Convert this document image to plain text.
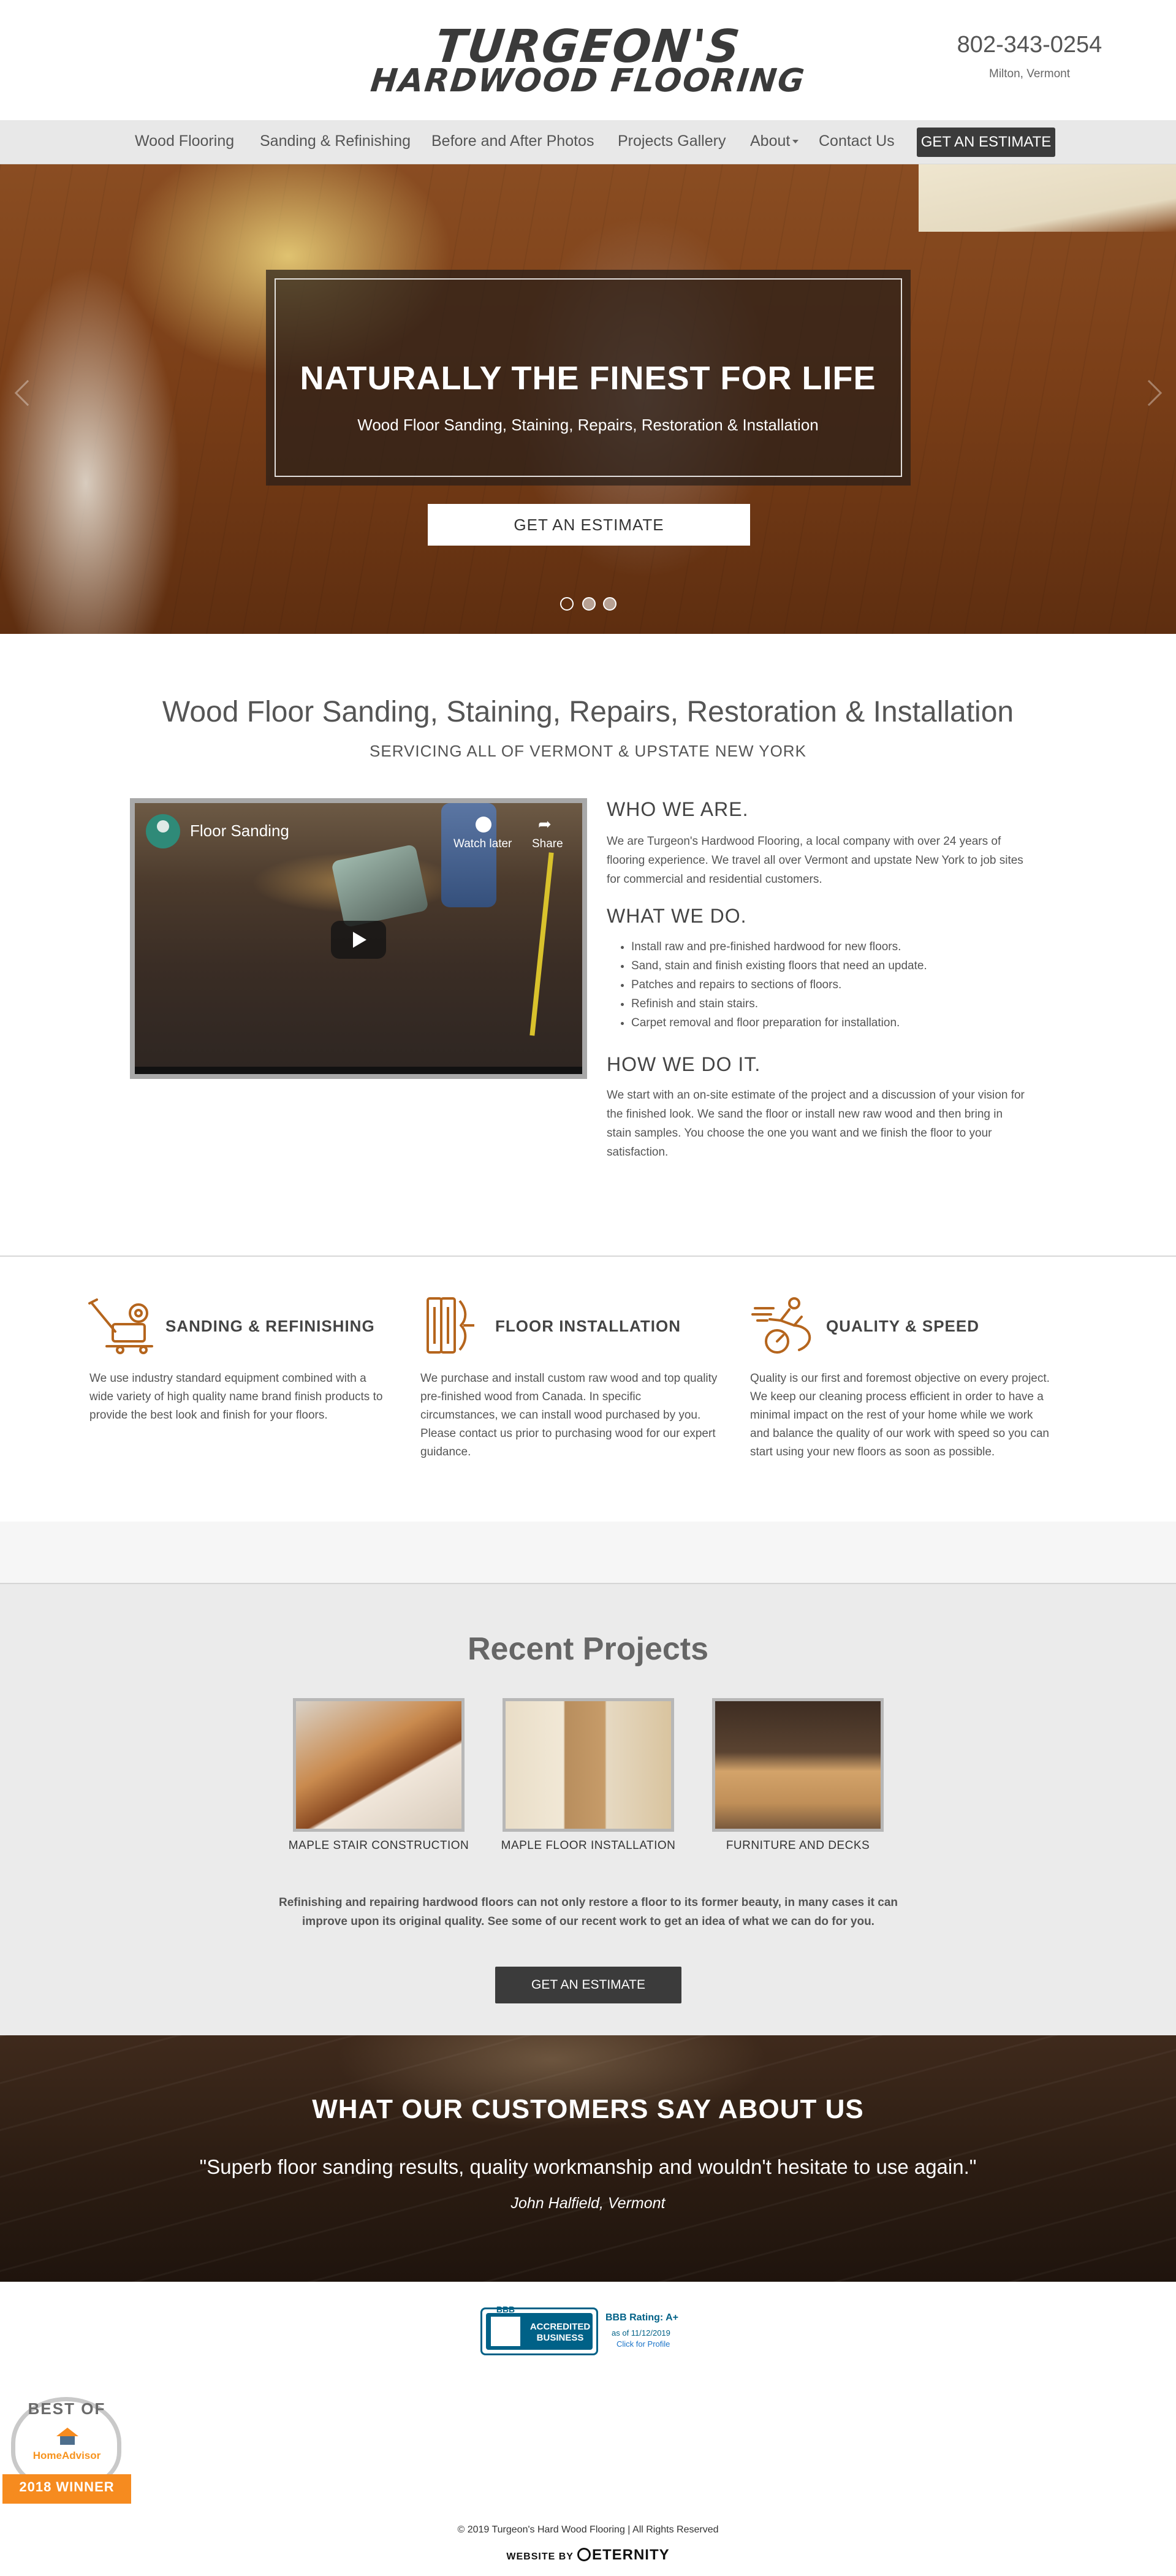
TURGEON'S
HARDWOOD FLOORING
802-343-0254
Milton, Vermont
Wood Flooring Sanding & Refinishing Before and After Photos Projects Gallery About	Contact Us GET AN ESTIMATE
NATURALLY THE FINEST FOR LIFE
Wood Floor Sanding, Staining, Repairs, Restoration & Installation
GET AN ESTIMATE
Wood Floor Sanding, Staining, Repairs, Restoration & Installation
SERVICING ALL OF VERMONT & UPSTATE NEW YORK
Floor Sanding
Watch later
➦
Share
WHO WE ARE.
We are Turgeon's Hardwood Flooring, a local company with over 24 years of flooring experience. We travel all over Vermont and upstate New York to job sites for commercial and residential customers.
WHAT WE DO.
• Install raw and pre-finished hardwood for new floors.
• Sand, stain and finish existing floors that need an update.
• Patches and repairs to sections of floors.
• Refinish and stain stairs.
• Carpet removal and floor preparation for installation.
HOW WE DO IT.
We start with an on-site estimate of the project and a discussion of your vision for the finished look. We sand the floor or install new raw wood and then bring in stain samples. You choose the one you want and we finish the floor to your satisfaction.
SANDING & REFINISHING
We use industry standard equipment combined with a wide variety of high quality name brand finish products to provide the best look and finish for your floors.
FLOOR INSTALLATION
We purchase and install custom raw wood and top quality pre-finished wood from Canada. In specific circumstances, we can install wood purchased by you. Please contact us prior to purchasing wood for our expert guidance.
QUALITY & SPEED
Quality is our first and foremost objective on every project. We keep our cleaning process efficient in order to have a minimal impact on the rest of your home while we work and balance the quality of our work with speed so you can start using your new floors as soon as possible.
Recent Projects
MAPLE STAIR CONSTRUCTION	MAPLE FLOOR INSTALLATION	FURNITURE AND DECKS
Refinishing and repairing hardwood floors can not only restore a floor to its former beauty, in many cases it can improve upon its original quality. See some of our recent work to get an idea of what we can do for you.
GET AN ESTIMATE
WHAT OUR CUSTOMERS SAY ABOUT US
"Superb floor sanding results, quality workmanship and wouldn't hesitate to use again."
John Halfield, Vermont
BBB
ACCREDITED BUSINESS
BBB Rating: A+
as of 11/12/2019
Click for Profile
BEST OF
HomeAdvisor
2018 WINNER
© 2019 Turgeon's Hard Wood Flooring | All Rights Reserved
WEBSITE BY ETERNITY
